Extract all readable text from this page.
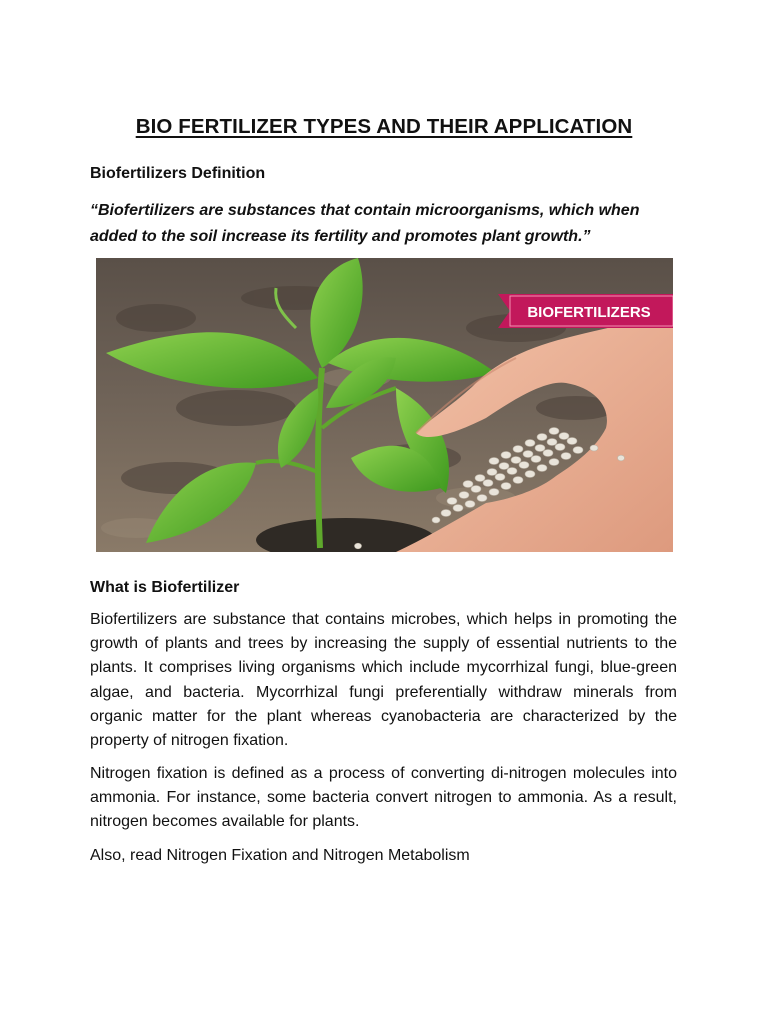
BIO FERTILIZER TYPES AND THEIR APPLICATION
Biofertilizers Definition
“Biofertilizers are substances that contain microorganisms, which when added to the soil increase its fertility and promotes plant growth.”
BIOFERTILIZERS
What is Biofertilizer

Biofertilizers are substance that contains microbes, which helps in promoting the growth of plants and trees by increasing the supply of essential nutrients to the plants. It comprises living organisms which include mycorrhizal fungi, blue-green algae, and bacteria. Mycorrhizal fungi preferentially withdraw minerals from organic matter for the plant whereas cyanobacteria are characterized by the property of nitrogen fixation.

Nitrogen fixation is defined as a process of converting di-nitrogen molecules into ammonia. For instance, some bacteria convert nitrogen to ammonia. As a result, nitrogen becomes available for plants.

Also, read Nitrogen Fixation and Nitrogen Metabolism
